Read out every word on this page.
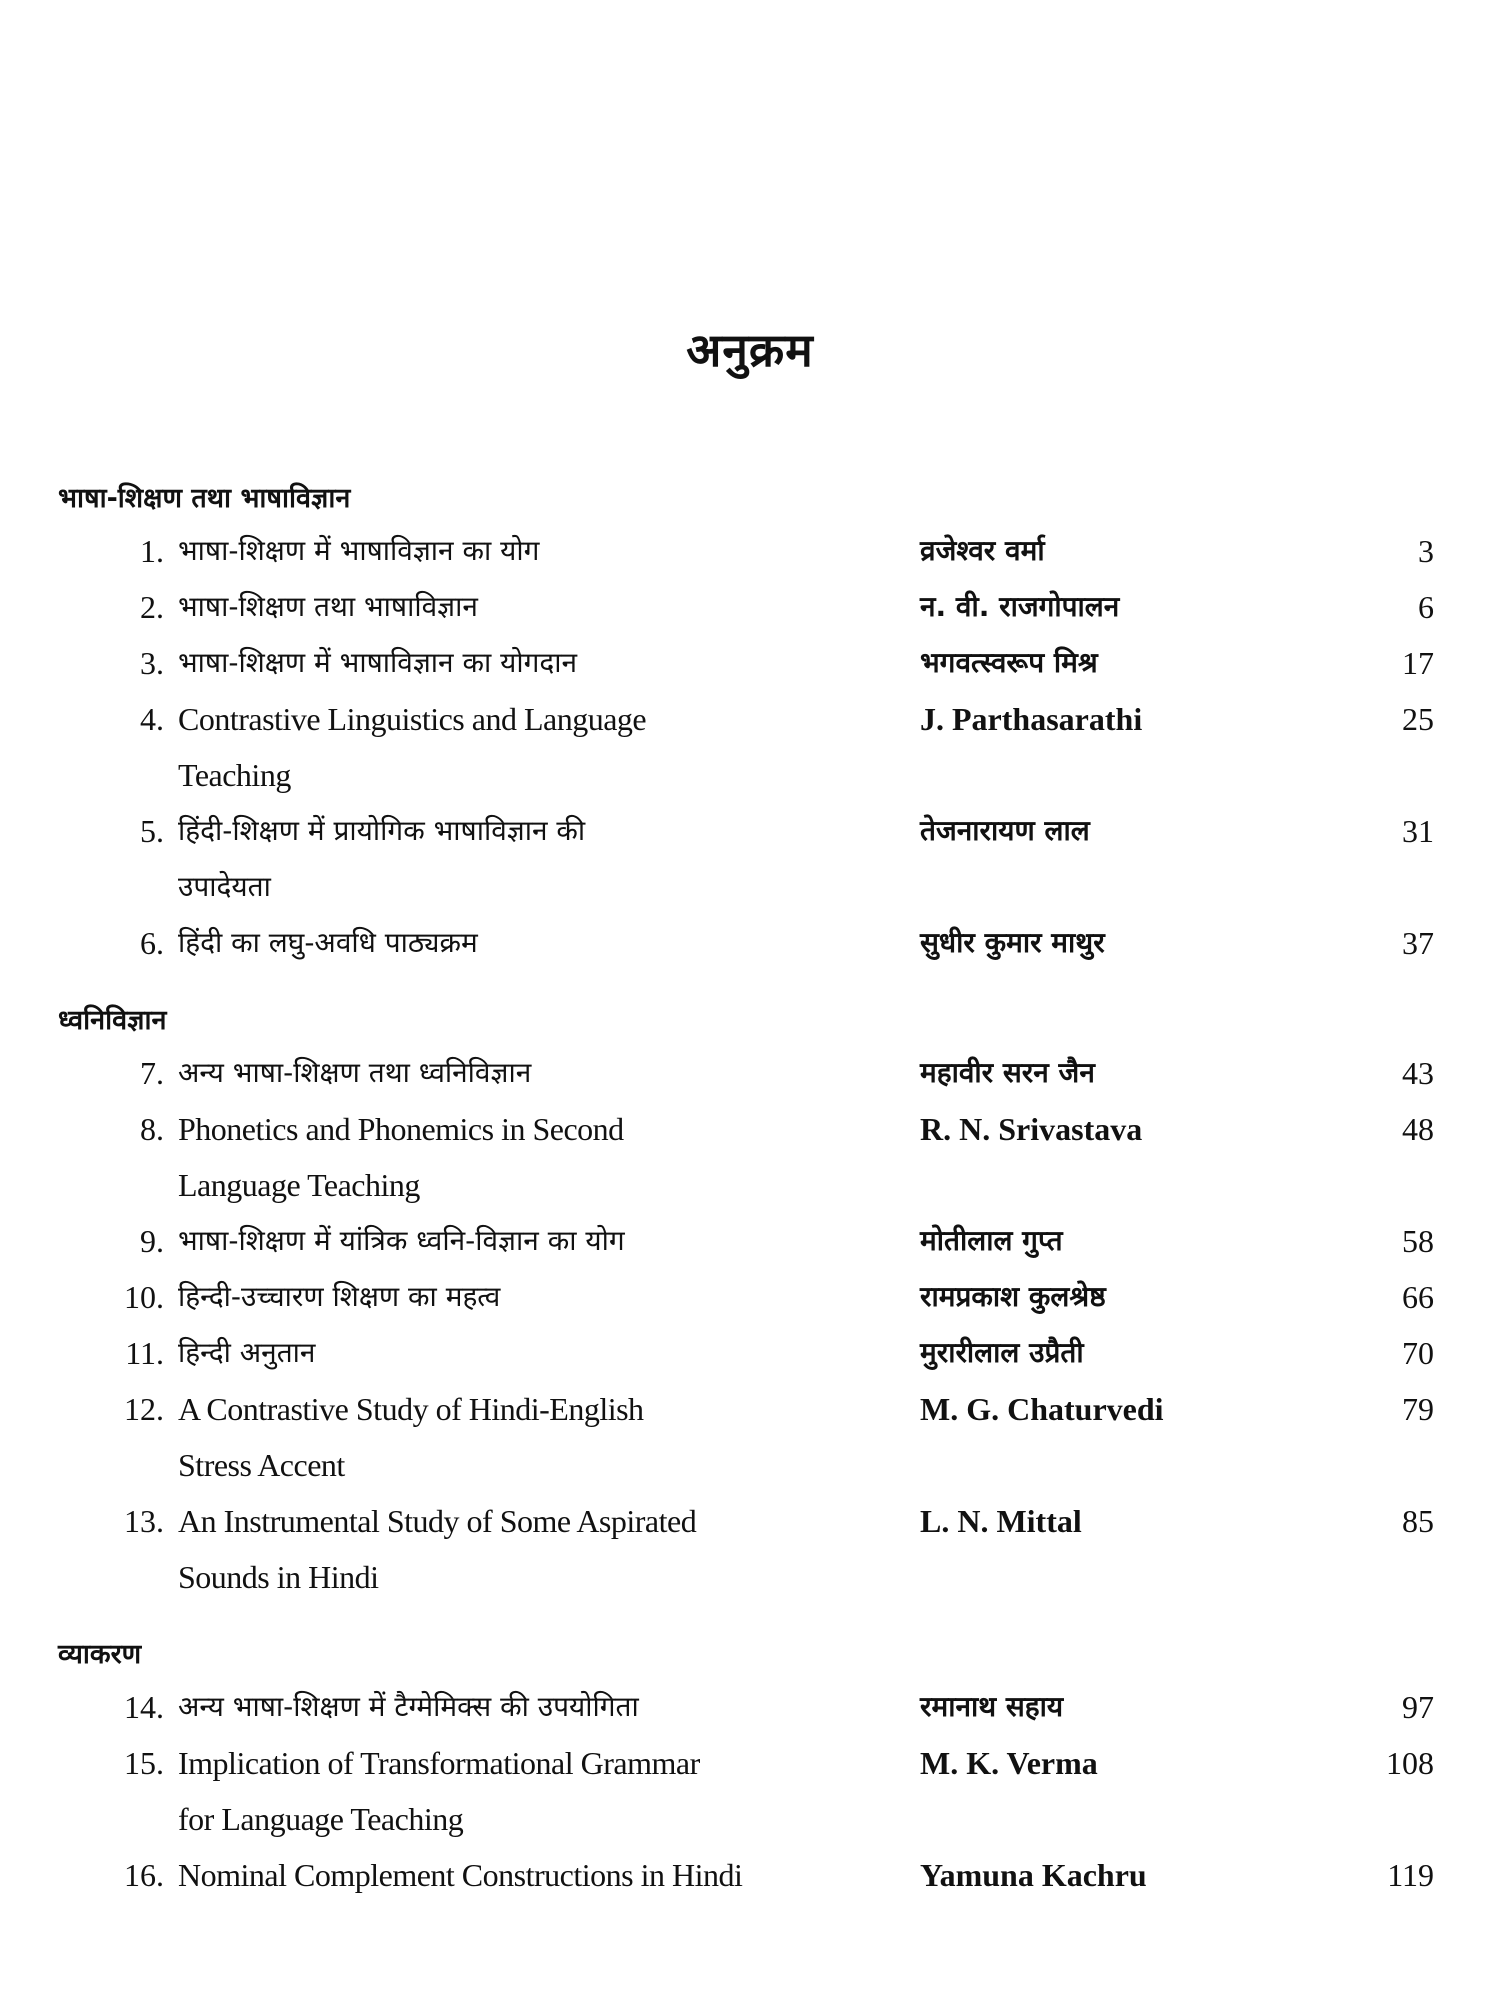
अनुक्रम
भाषा-शिक्षण तथा भाषाविज्ञान
1. भाषा-शिक्षण में भाषाविज्ञान का योग	व्रजेश्वर वर्मा	3
2. भाषा-शिक्षण तथा भाषाविज्ञान	न. वी. राजगोपालन	6
3. भाषा-शिक्षण में भाषाविज्ञान का योगदान	भगवत्स्वरूप मिश्र	17
4. Contrastive Linguistics and Language
Teaching
J. Parthasarathi	25
5. हिंदी-शिक्षण में प्रायोगिक भाषाविज्ञान की
उपादेयता
तेजनारायण लाल	31
6. हिंदी का लघु-अवधि पाठ्यक्रम	सुधीर कुमार माथुर	37
ध्वनिविज्ञान
7. अन्य भाषा-शिक्षण तथा ध्वनिविज्ञान	महावीर सरन जैन	43
8. Phonetics and Phonemics in Second
Language Teaching
R. N. Srivastava	48
9. भाषा-शिक्षण में यांत्रिक ध्वनि-विज्ञान का योग	मोतीलाल गुप्त	58
10. हिन्दी-उच्चारण शिक्षण का महत्व	रामप्रकाश कुलश्रेष्ठ	66
11. हिन्दी अनुतान	मुरारीलाल उप्रैती	70
12. A Contrastive Study of Hindi-English
Stress Accent
M. G. Chaturvedi	79
13. An Instrumental Study of Some Aspirated
Sounds in Hindi
L. N. Mittal	85
व्याकरण
14. अन्य भाषा-शिक्षण में टैग्मेमिक्स की उपयोगिता	रमानाथ सहाय	97
15. Implication of Transformational Grammar
for Language Teaching
M. K. Verma	108
16. Nominal Complement Constructions in Hindi	Yamuna Kachru	119
